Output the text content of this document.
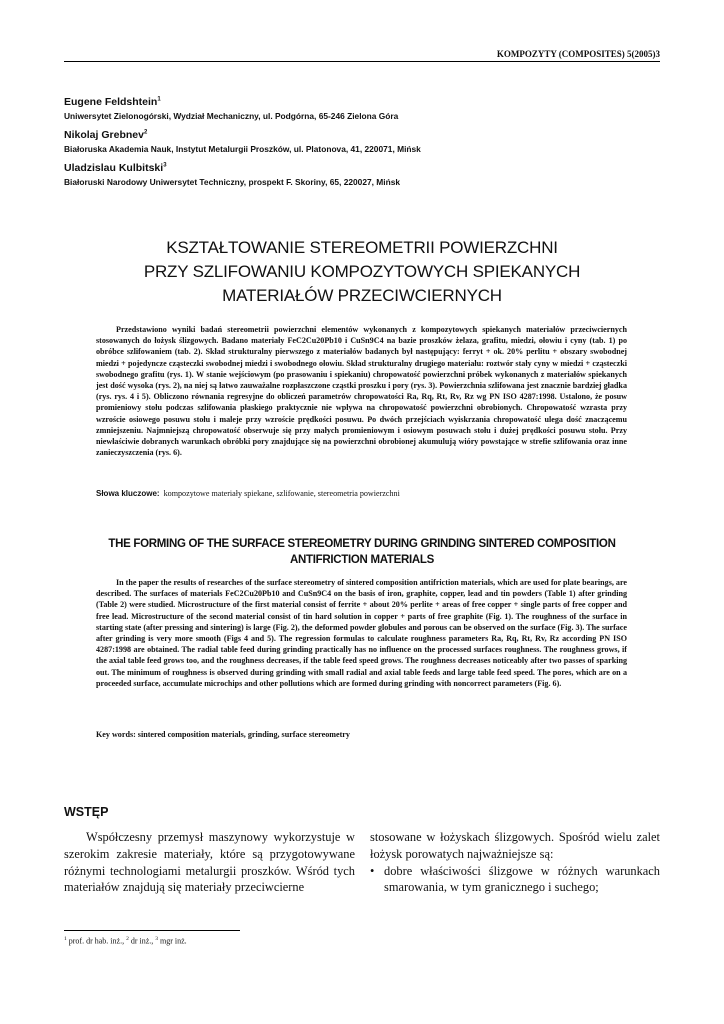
KOMPOZYTY (COMPOSITES) 5(2005)3
Eugene Feldshtein$^1$
Uniwersytet Zielonogórski, Wydział Mechaniczny, ul. Podgórna, 65-246 Zielona Góra
Nikolaj Grebnev$^2$
Białoruska Akademia Nauk, Instytut Metalurgii Proszków, ul. Platonova, 41, 220071, Mińsk
Uladzislau Kulbitski$^3$
Białoruski Narodowy Uniwersytet Techniczny, prospekt F. Skoriny, 65, 220027, Mińsk
KSZTAŁTOWANIE STEREOMETRII POWIERZCHNI
PRZY SZLIFOWANIU KOMPOZYTOWYCH SPIEKANYCH
MATERIAŁÓW PRZECIWCIERNYCH

Przedstawiono wyniki badań stereometrii powierzchni elementów wykonanych z kompozytowych spiekanych materiałów przeciwciernych stosowanych do łożysk ślizgowych. Badano materiały FeC2Cu20Pb10 i CuSn9C4 na bazie proszków żelaza, grafitu, miedzi, ołowiu i cyny (tab. 1) po obróbce szlifowaniem (tab. 2). Skład strukturalny pierwszego z materiałów badanych był następujący: ferryt + ok. 20% perlitu + obszary swobodnej miedzi + pojedyncze cząsteczki swobodnej miedzi i swobodnego ołowiu. Skład strukturalny drugiego materiału: roztwór stały cyny w miedzi + cząsteczki swobodnego grafitu (rys. 1). W stanie wejściowym (po prasowaniu i spiekaniu) chropowatość powierzchni próbek wykonanych z materiałów spiekanych jest dość wysoka (rys. 2), na niej są łatwo zauważalne rozpłaszczone cząstki proszku i pory (rys. 3). Powierzchnia szlifowana jest znacznie bardziej gładka (rys. rys. 4 i 5). Obliczono równania regresyjne do obliczeń parametrów chropowatości Ra, Rq, Rt, Rv, Rz wg PN ISO 4287:1998. Ustalono, że posuw promieniowy stołu podczas szlifowania płaskiego praktycznie nie wpływa na chropowatość powierzchni obrobionych. Chropowatość wzrasta przy wzroście osiowego posuwu stołu i maleje przy wzroście prędkości posuwu. Po dwóch przejściach wyiskrzania chropowatość ulega dość znaczącemu zmniejszeniu. Najmniejszą chropowatość obserwuje się przy małych promieniowym i osiowym posuwach stołu i dużej prędkości posuwu stołu. Przy niewłaściwie dobranych warunkach obróbki pory znajdujące się na powierzchni obrobionej akumulują wióry powstające w strefie szlifowania oraz inne zanieczyszczenia (rys. 6).

Słowa kluczowe: kompozytowe materiały spiekane, szlifowanie, stereometria powierzchni
THE FORMING OF THE SURFACE STEREOMETRY DURING GRINDING SINTERED COMPOSITION
ANTIFRICTION MATERIALS

In the paper the results of researches of the surface stereometry of sintered composition antifriction materials, which are used for plate bearings, are described. The surfaces of materials FeC2Cu20Pb10 and CuSn9C4 on the basis of iron, graphite, copper, lead and tin powders (Table 1) after grinding (Table 2) were studied. Microstructure of the first material consist of ferrite + about 20% perlite + areas of free copper + single parts of free copper and free lead. Microstructure of the second material consist of tin hard solution in copper + parts of free graphite (Fig. 1). The roughness of the surface in starting state (after pressing and sintering) is large (Fig. 2), the deformed powder globules and porous can be observed on the surface (Fig. 3). The surface after grinding is very more smooth (Figs 4 and 5). The regression formulas to calculate roughness parameters Ra, Rq, Rt, Rv, Rz according PN ISO 4287:1998 are obtained. The radial table feed during grinding practically has no influence on the processed surfaces roughness. The roughness grows, if the axial table feed grows too, and the roughness decreases, if the table feed speed grows. The roughness decreases noticeably after two passes of sparking out. The minimum of roughness is observed during grinding with small radial and axial table feeds and large table feed speed. The pores, which are on a proceeded surface, accumulate microchips and other pollutions which are formed during grinding with noncorrect parameters (Fig. 6).

Key words: sintered composition materials, grinding, surface stereometry
WSTĘP

Współczesny przemysł maszynowy wykorzystuje w szerokim zakresie materiały, które są przygotowywane różnymi technologiami metalurgii proszków. Wśród tych materiałów znajdują się materiały przeciwcierne

stosowane w łożyskach ślizgowych. Spośród wielu zalet łożysk porowatych najważniejsze są:

• dobre właściwości ślizgowe w różnych warunkach smarowania, w tym granicznego i suchego;

$^1$ prof. dr hab. inż., $^2$ dr inż., $^3$ mgr inż.
